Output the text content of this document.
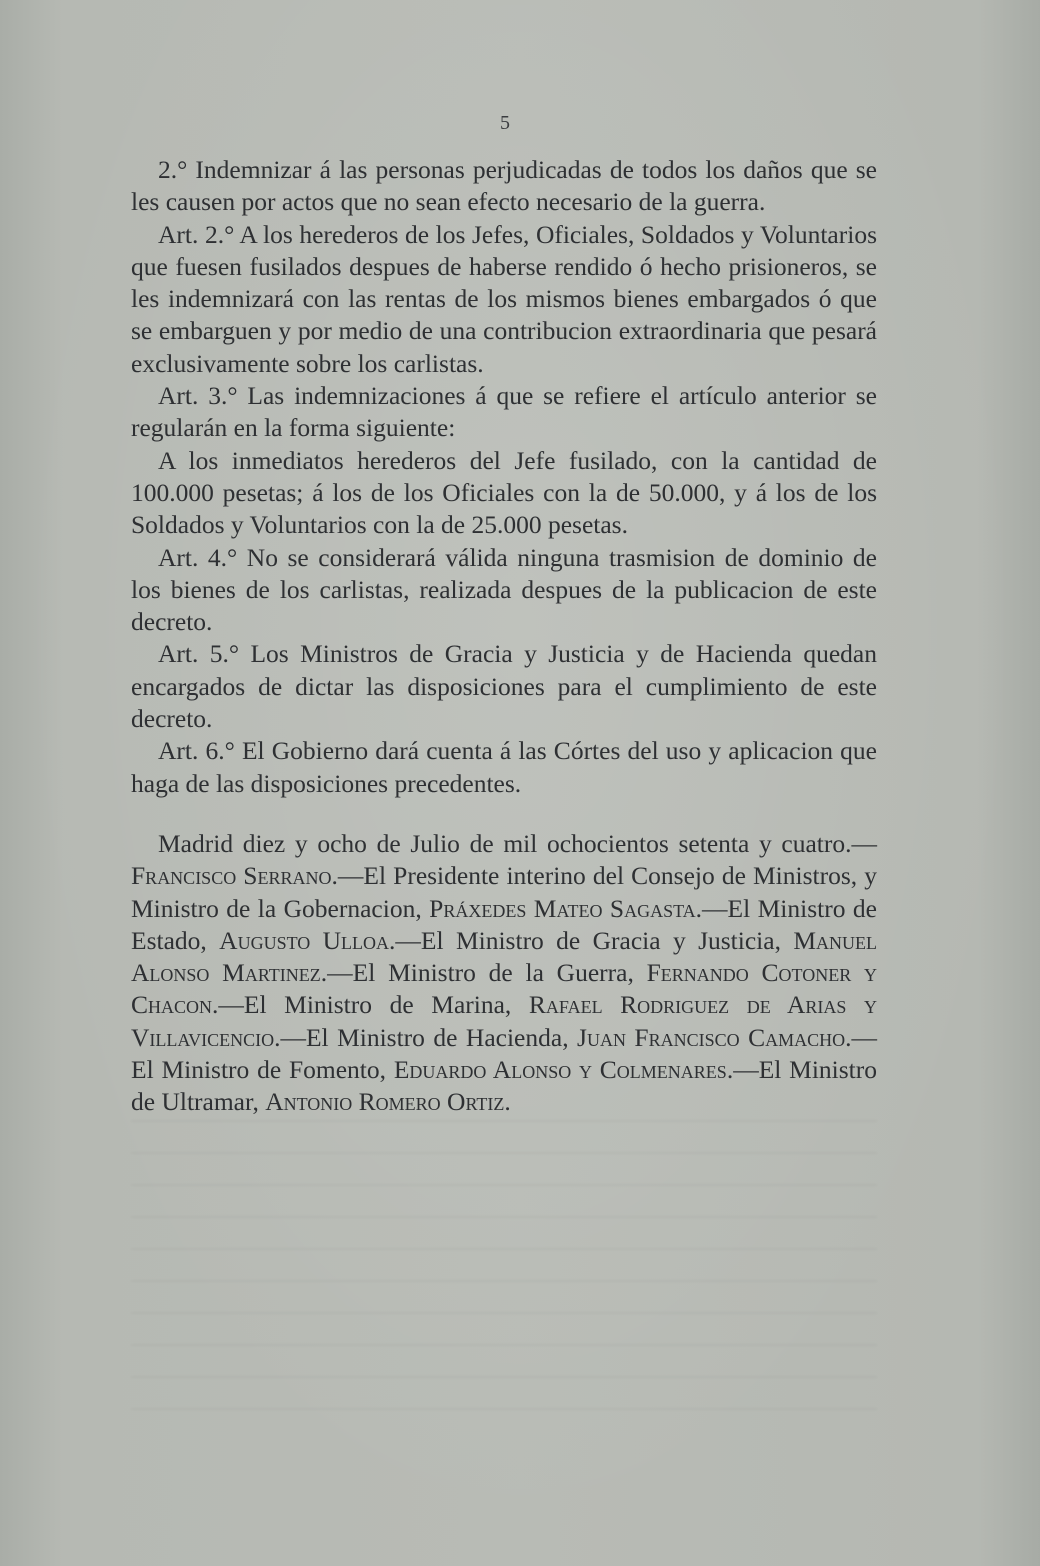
5

2.° Indemnizar á las personas perjudicadas de todos los daños que se les causen por actos que no sean efecto necesario de la guerra.

Art. 2.° A los herederos de los Jefes, Oficiales, Soldados y Voluntarios que fuesen fusilados despues de haberse rendido ó hecho prisioneros, se les indemnizará con las rentas de los mismos bienes embargados ó que se embarguen y por medio de una contribucion extraordinaria que pesará exclusivamente sobre los carlistas.

Art. 3.° Las indemnizaciones á que se refiere el artículo anterior se regularán en la forma siguiente:

A los inmediatos herederos del Jefe fusilado, con la cantidad de 100.000 pesetas; á los de los Oficiales con la de 50.000, y á los de los Soldados y Voluntarios con la de 25.000 pesetas.

Art. 4.° No se considerará válida ninguna trasmision de dominio de los bienes de los carlistas, realizada despues de la publicacion de este decreto.

Art. 5.° Los Ministros de Gracia y Justicia y de Hacienda quedan encargados de dictar las disposiciones para el cumplimiento de este decreto.

Art. 6.° El Gobierno dará cuenta á las Córtes del uso y aplicacion que haga de las disposiciones precedentes.

Madrid diez y ocho de Julio de mil ochocientos setenta y cuatro.—Francisco Serrano.—El Presidente interino del Consejo de Ministros, y Ministro de la Gobernacion, Práxedes Mateo Sagasta.—El Ministro de Estado, Augusto Ulloa.—El Ministro de Gracia y Justicia, Manuel Alonso Martinez.—El Ministro de la Guerra, Fernando Cotoner y Chacon.—El Ministro de Marina, Rafael Rodriguez de Arias y Villavicencio.—El Ministro de Hacienda, Juan Francisco Camacho.—El Ministro de Fomento, Eduardo Alonso y Colmenares.—El Ministro de Ultramar, Antonio Romero Ortiz.
